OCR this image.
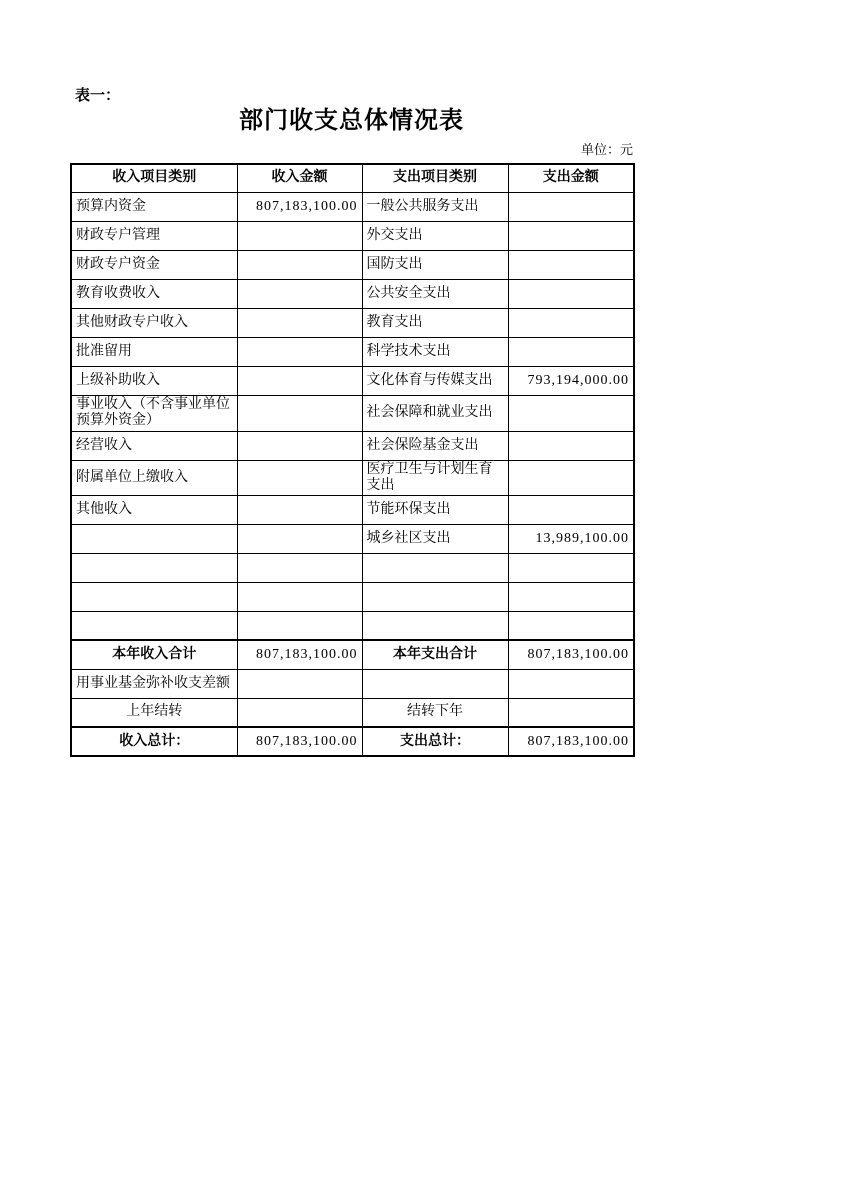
表一：
部门收支总体情况表
单位：元
收入项目类别	收入金额	支出项目类别	支出金额
预算内资金	807,183,100.00	一般公共服务支出	
财政专户管理		外交支出	
财政专户资金		国防支出	
教育收费收入		公共安全支出	
其他财政专户收入		教育支出	
批准留用		科学技术支出	
上级补助收入		文化体育与传媒支出	793,194,000.00
事业收入（不含事业单位预算外资金）		社会保障和就业支出	
经营收入		社会保险基金支出	
附属单位上缴收入		医疗卫生与计划生育支出	
其他收入		节能环保支出	
		城乡社区支出	13,989,100.00

本年收入合计	807,183,100.00	本年支出合计	807,183,100.00
用事业基金弥补收支差额			
上年结转		结转下年	
收入总计：	807,183,100.00	支出总计：	807,183,100.00
